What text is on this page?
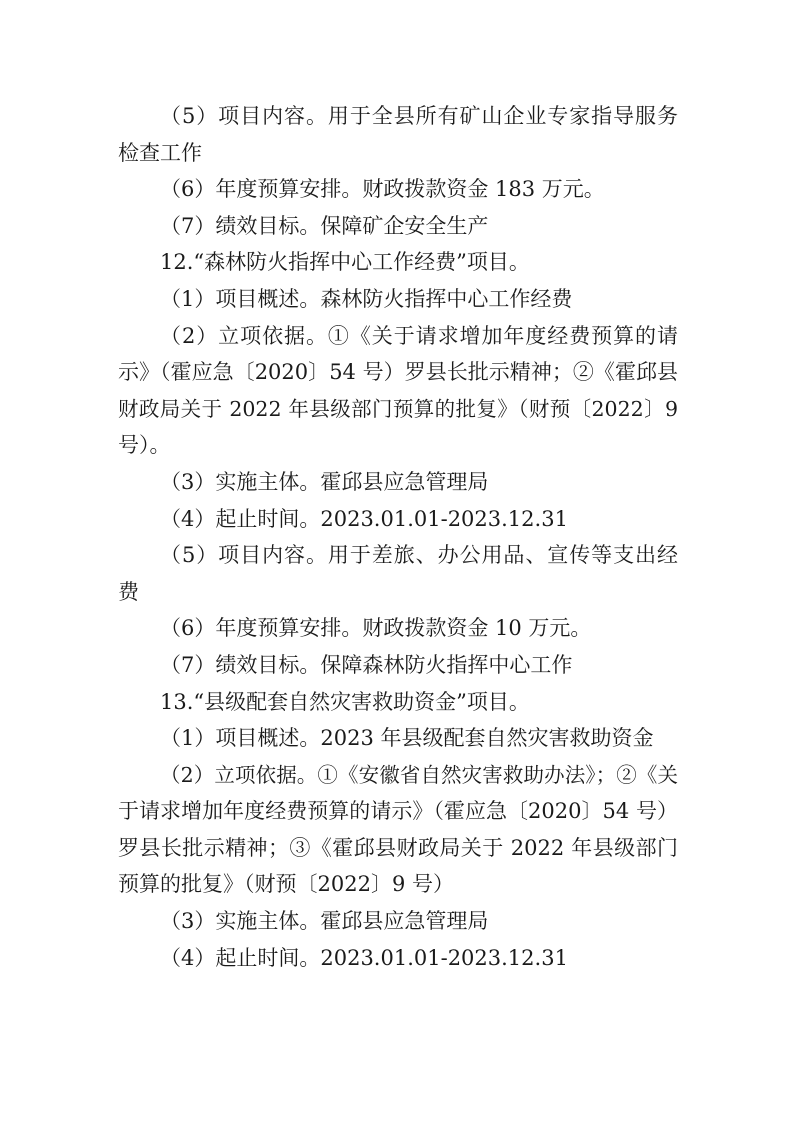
（5）项目内容。用于全县所有矿山企业专家指导服务
检查工作
（6）年度预算安排。财政拨款资金 183 万元。
（7）绩效目标。保障矿企安全生产
12.“森林防火指挥中心工作经费”项目。
（1）项目概述。森林防火指挥中心工作经费
（2）立项依据。①《关于请求增加年度经费预算的请
示》（霍应急〔2020〕54 号）罗县长批示精神；②《霍邱县
财政局关于 2022 年县级部门预算的批复》（财预〔2022〕9
号）。
（3）实施主体。霍邱县应急管理局
（4）起止时间。2023.01.01-2023.12.31
（5）项目内容。用于差旅、办公用品、宣传等支出经
费
（6）年度预算安排。财政拨款资金 10 万元。
（7）绩效目标。保障森林防火指挥中心工作
13.“县级配套自然灾害救助资金”项目。
（1）项目概述。2023 年县级配套自然灾害救助资金
（2）立项依据。①《安徽省自然灾害救助办法》；②《关
于请求增加年度经费预算的请示》（霍应急〔2020〕54 号）
罗县长批示精神；③《霍邱县财政局关于 2022 年县级部门
预算的批复》（财预〔2022〕9 号）
（3）实施主体。霍邱县应急管理局
（4）起止时间。2023.01.01-2023.12.31
